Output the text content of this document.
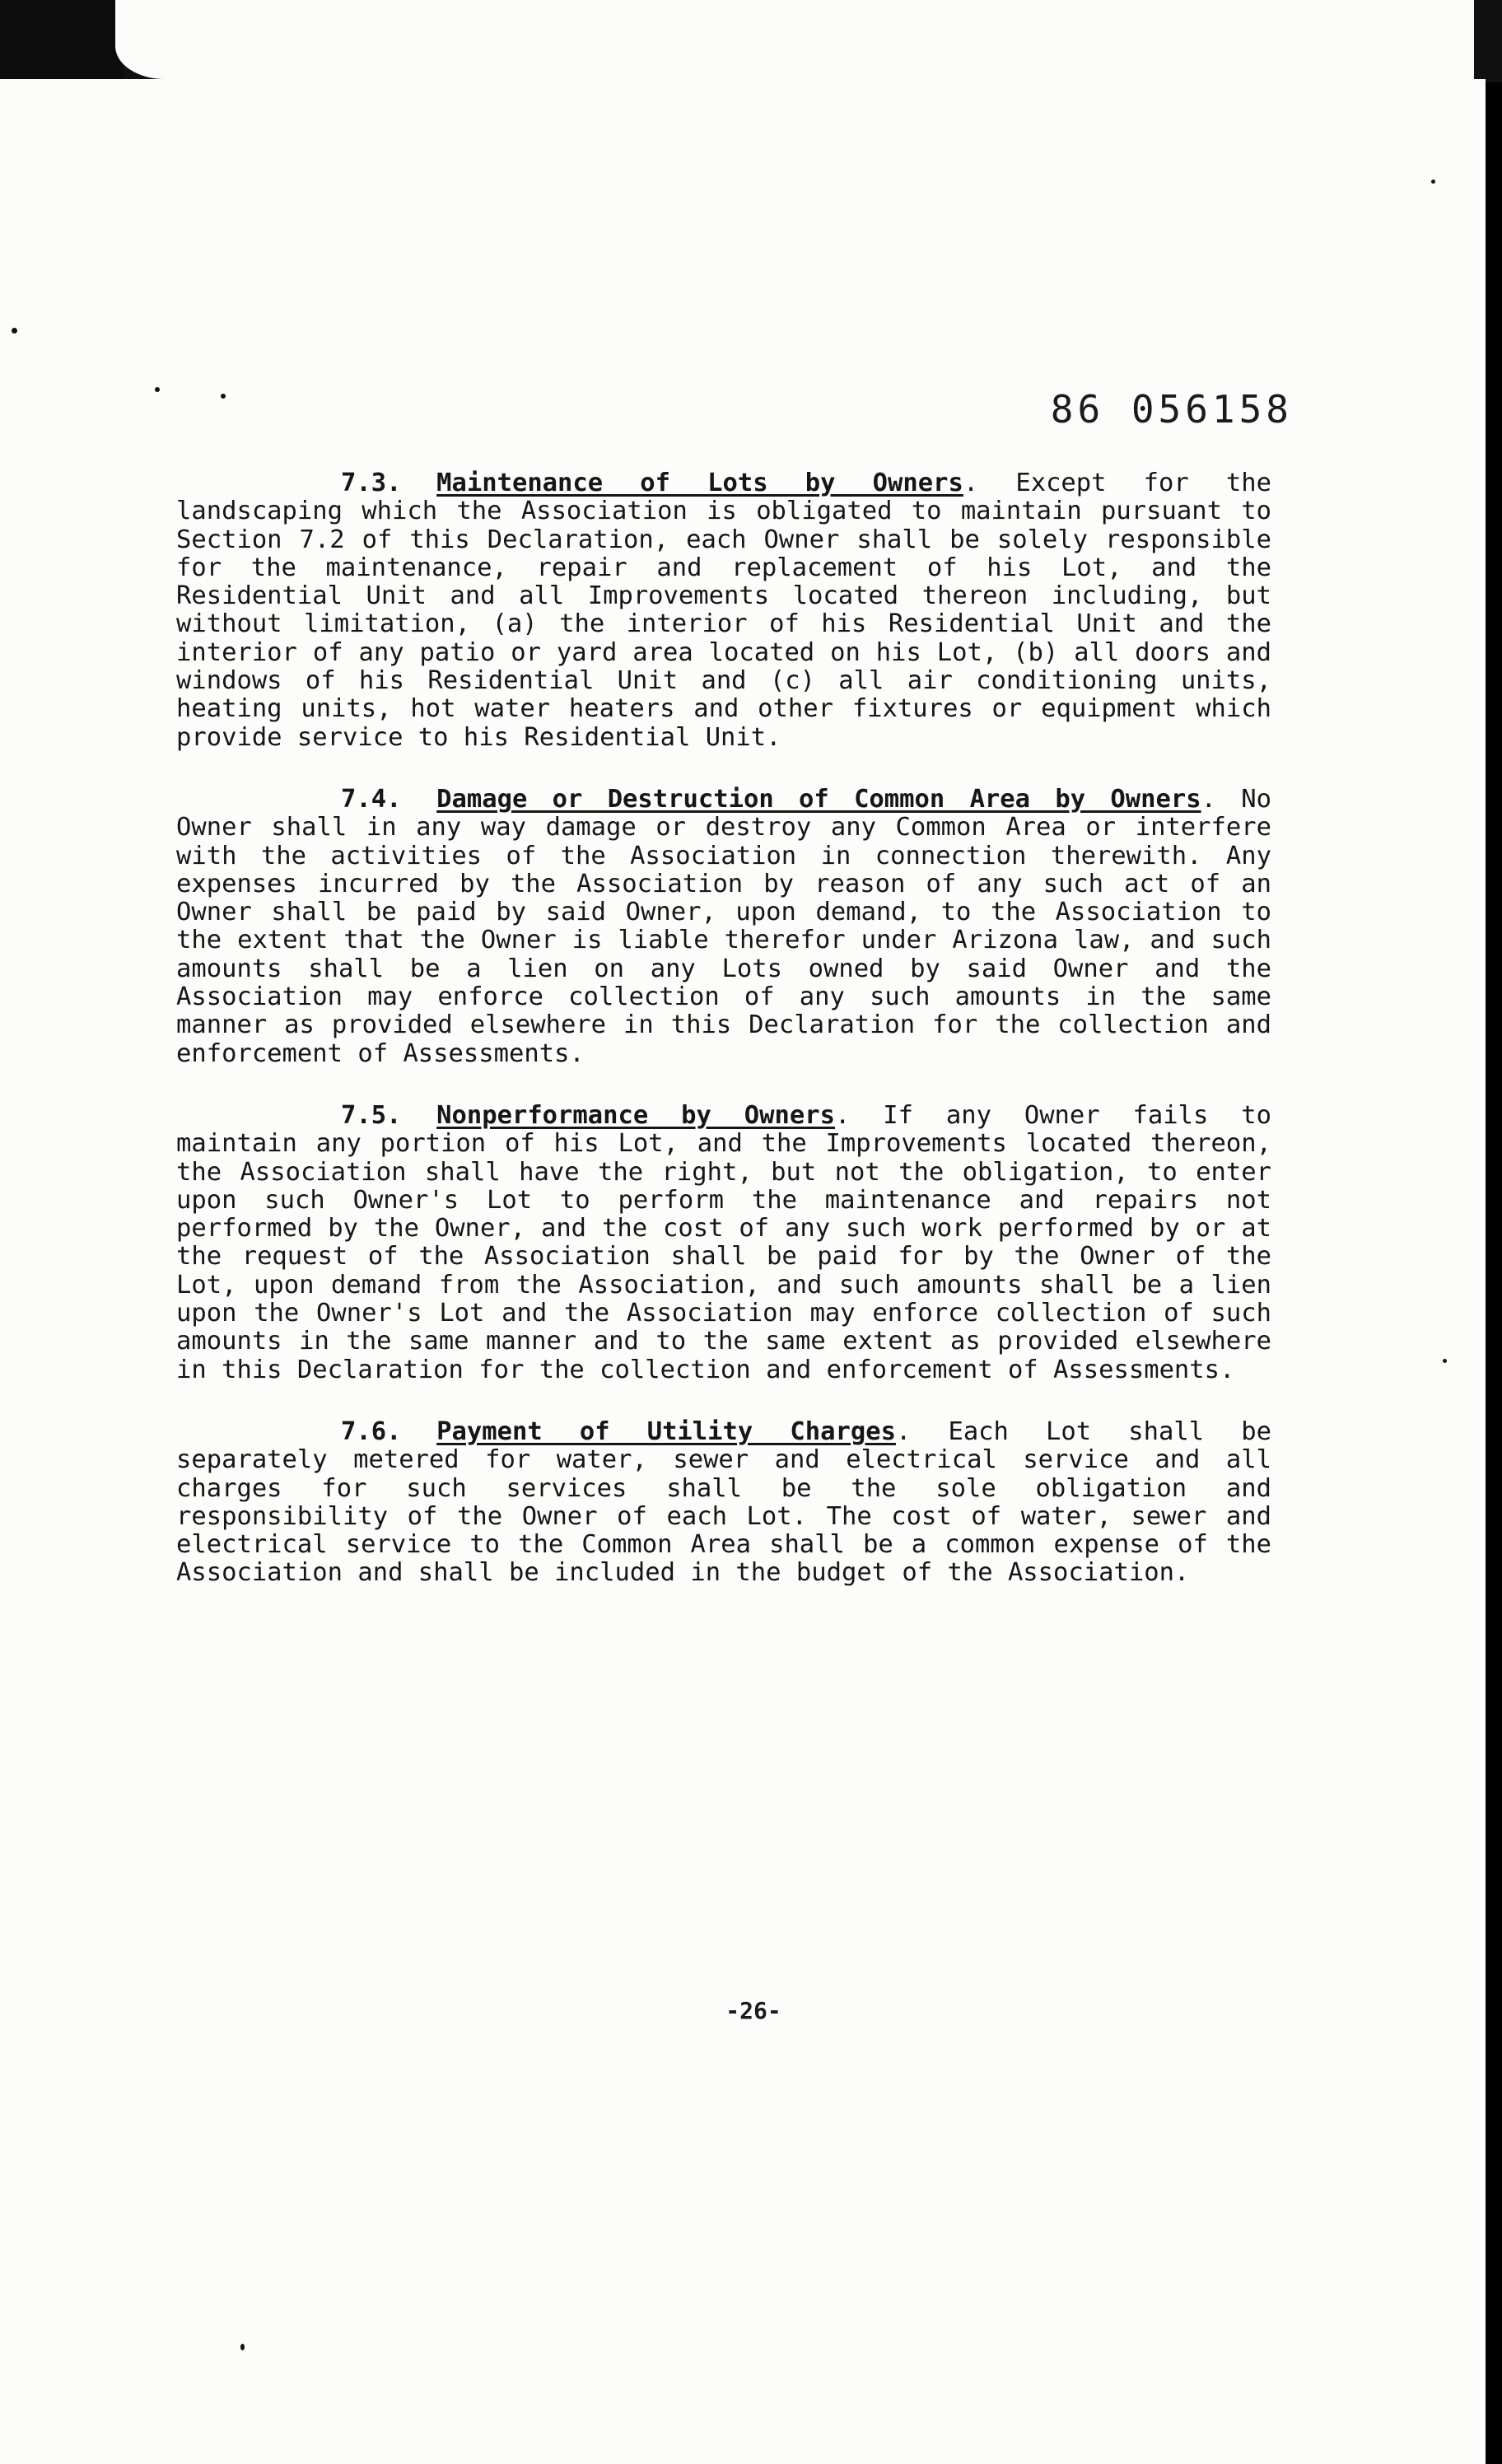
86 056158

7.3. Maintenance of Lots by Owners. Except for the landscaping which the Association is obligated to maintain pursuant to Section 7.2 of this Declaration, each Owner shall be solely responsible for the maintenance, repair and replacement of his Lot, and the Residential Unit and all Improvements located thereon including, but without limitation, (a) the interior of his Residential Unit and the interior of any patio or yard area located on his Lot, (b) all doors and windows of his Residential Unit and (c) all air conditioning units, heating units, hot water heaters and other fixtures or equipment which provide service to his Residential Unit.

7.4. Damage or Destruction of Common Area by Owners. No Owner shall in any way damage or destroy any Common Area or interfere with the activities of the Association in connection therewith. Any expenses incurred by the Association by reason of any such act of an Owner shall be paid by said Owner, upon demand, to the Association to the extent that the Owner is liable therefor under Arizona law, and such amounts shall be a lien on any Lots owned by said Owner and the Association may enforce collection of any such amounts in the same manner as provided elsewhere in this Declaration for the collection and enforcement of Assessments.

7.5. Nonperformance by Owners. If any Owner fails to maintain any portion of his Lot, and the Improvements located thereon, the Association shall have the right, but not the obligation, to enter upon such Owner's Lot to perform the maintenance and repairs not performed by the Owner, and the cost of any such work performed by or at the request of the Association shall be paid for by the Owner of the Lot, upon demand from the Association, and such amounts shall be a lien upon the Owner's Lot and the Association may enforce collection of such amounts in the same manner and to the same extent as provided elsewhere in this Declaration for the collection and enforcement of Assessments.

7.6. Payment of Utility Charges. Each Lot shall be separately metered for water, sewer and electrical service and all charges for such services shall be the sole obligation and responsibility of the Owner of each Lot. The cost of water, sewer and electrical service to the Common Area shall be a common expense of the Association and shall be included in the budget of the Association.

-26-
